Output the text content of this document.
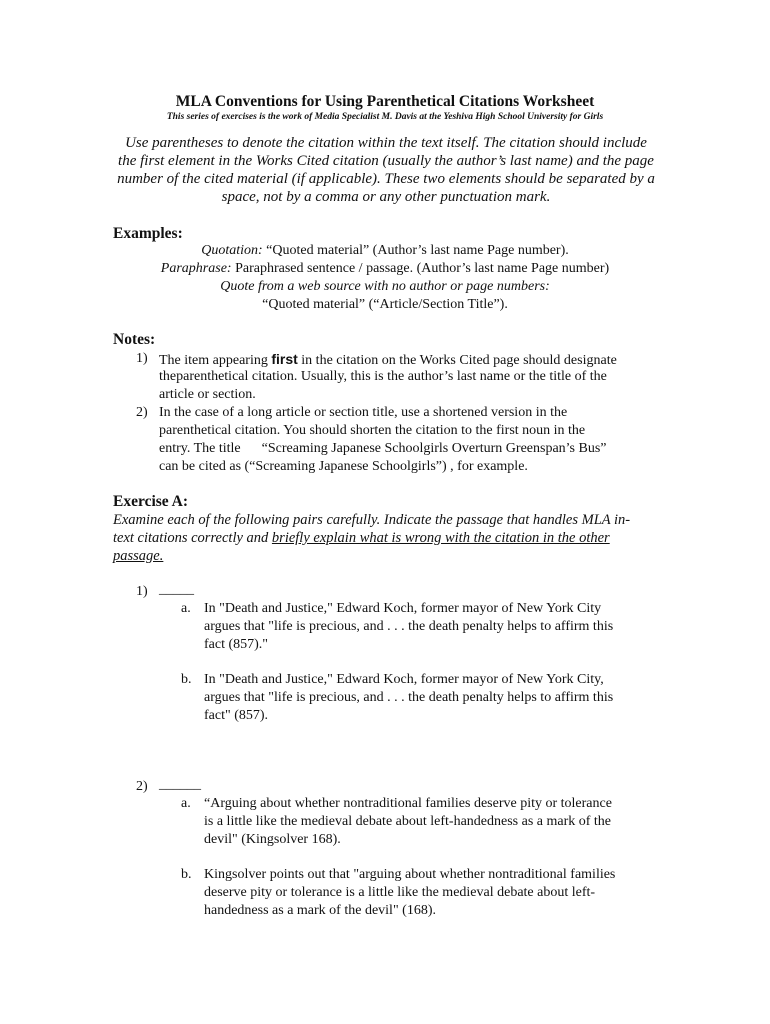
MLA Conventions for Using Parenthetical Citations Worksheet
This series of exercises is the work of Media Specialist M. Davis at the Yeshiva High School University for Girls
Use parentheses to denote the citation within the text itself. The citation should include
the first element in the Works Cited citation (usually the author’s last name) and the page
number of the cited material (if applicable). These two elements should be separated by a
space, not by a comma or any other punctuation mark.
Examples:
Quotation: “Quoted material” (Author’s last name Page number).
Paraphrase: Paraphrased sentence / passage. (Author’s last name Page number)
Quote from a web source with no author or page numbers:
“Quoted material” (“Article/Section Title”).
Notes:
1) The item appearing first in the citation on the Works Cited page should designate
theparenthetical citation. Usually, this is the author’s last name or the title of the
article or section.
2) In the case of a long article or section title, use a shortened version in the
parenthetical citation. You should shorten the citation to the first noun in the
entry. The title      “Screaming Japanese Schoolgirls Overturn Greenspan’s Bus”
can be cited as (“Screaming Japanese Schoolgirls”) , for example.
Exercise A:
Examine each of the following pairs carefully. Indicate the passage that handles MLA in-
text citations correctly and briefly explain what is wrong with the citation in the other
passage.
1) _____
a. In "Death and Justice," Edward Koch, former mayor of New York City
argues that "life is precious, and . . . the death penalty helps to affirm this
fact (857)."
b. In "Death and Justice," Edward Koch, former mayor of New York City,
argues that "life is precious, and . . . the death penalty helps to affirm this
fact" (857).
2) ______
a. “Arguing about whether nontraditional families deserve pity or tolerance
is a little like the medieval debate about left-handedness as a mark of the
devil" (Kingsolver 168).
b. Kingsolver points out that "arguing about whether nontraditional families
deserve pity or tolerance is a little like the medieval debate about left-
handedness as a mark of the devil" (168).
